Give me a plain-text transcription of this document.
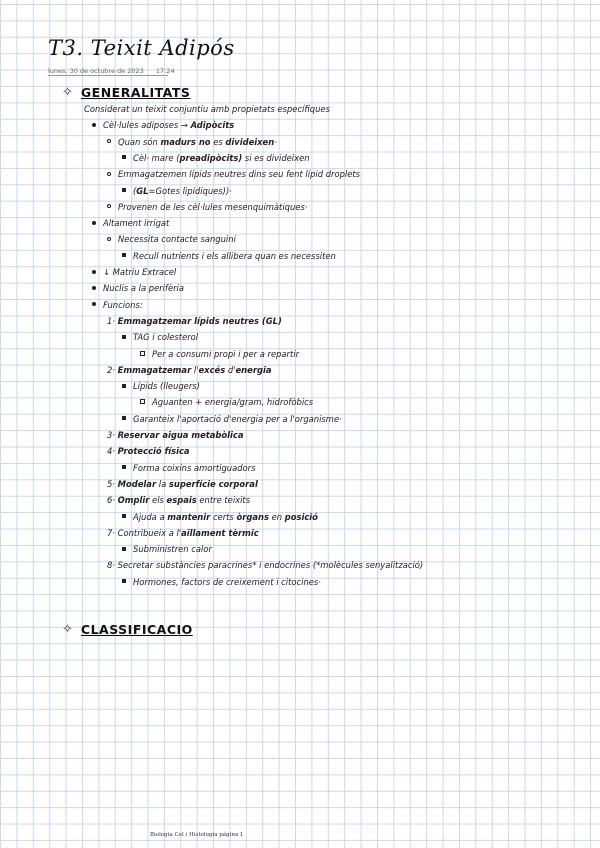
T3. Teixit Adipós
lunes, 30 de octubre de 2023 17:24
✧ GENERALITATS
Considerat un teixit conjuntiu amb propietats específiques
Cèl·lules adiposes → Adipòcits
Quan són madurs no es divideixen·
Cèl· mare (preadipòcits) si es divideixen
Emmagatzemen lípids neutres dins seu fent lípid droplets
(GL=Gotes lipídiques))·
Provenen de les cèl·lules mesenquimàtiques·
Altament irrigat
Necessita contacte sanguini
Recull nutrients i els allibera quan es necessiten
↓ Matriu Extracel
Nuclis a la perifèria
Funcions:
1· Emmagatzemar lípids neutres (GL)
TAG i colesterol
Per a consumi propi i per a repartir
2· Emmagatzemar l'excés d'energia
Lípids (lleugers)
Aguanten + energia/gram, hidrofòbics
Garanteix l'aportació d'energia per a l'organisme·
3· Reservar aigua metabòlica
4· Protecció física
Forma coixins amortiguadors
5· Modelar la superfície corporal
6· Omplir els espais entre teixits
Ajuda a mantenir certs òrgans en posició
7· Contribueix a l'aïllament tèrmic
Subministren calor
8· Secretar substàncies paracrines* i endocrines (*molècules senyalització)
Hormones, factors de creixement i citocines·
✧ CLASSIFICACIO
Biologia Cel i Histologia página 1
